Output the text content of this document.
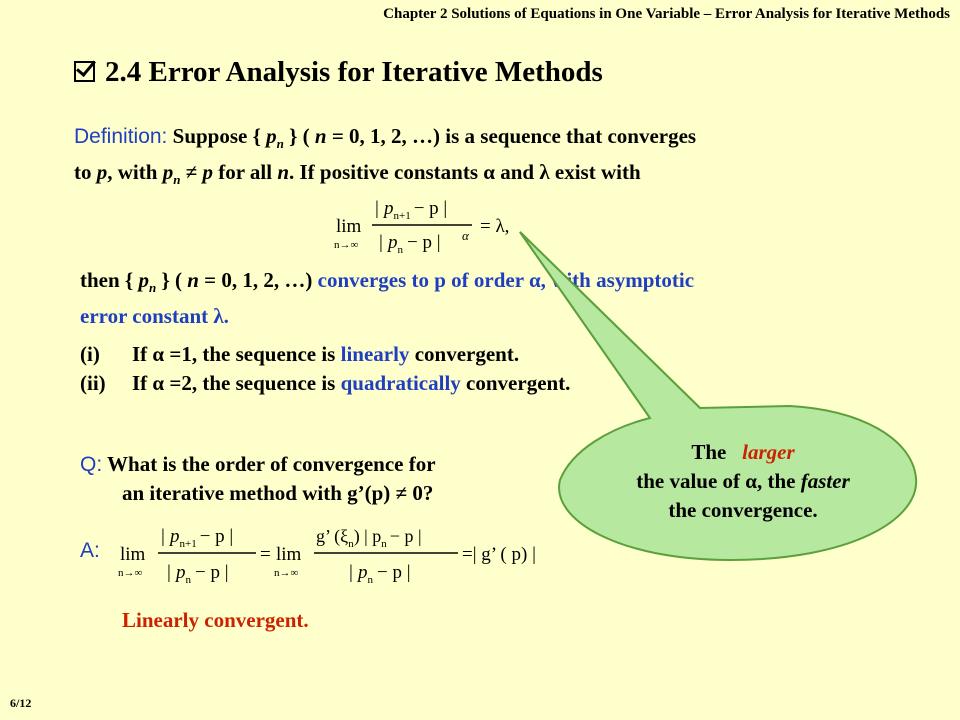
Chapter 2 Solutions of Equations in One Variable – Error Analysis for Iterative Methods
2.4 Error Analysis for Iterative Methods
Definition: Suppose { $p_n$ } ( n = 0, 1, 2, …) is a sequence that converges
to p, with $p_n \ne p$ for all n. If positive constants α and λ exist with
lim
n→∞
| $p_{n+1} - p$ |
| $p_n - p$ | α = λ,
then { $p_n$ } ( n = 0, 1, 2, …) converges to p of order α, with asymptotic
error constant λ.
(i) If α =1, the sequence is linearly convergent.
(ii) If α =2, the sequence is quadratically convergent.
The larger
the value of α, the faster
the convergence.
Q: What is the order of convergence for
an iterative method with g’(p) ≠ 0?
A: lim
n→∞
| $p_{n+1} - p$ |
| $p_n - p$ |
= lim
n→∞
g’ $(\xi_n)$ | $p_n - p$ |
| $p_n - p$ |
=| g’ ( p) |
Linearly convergent.
6/12
